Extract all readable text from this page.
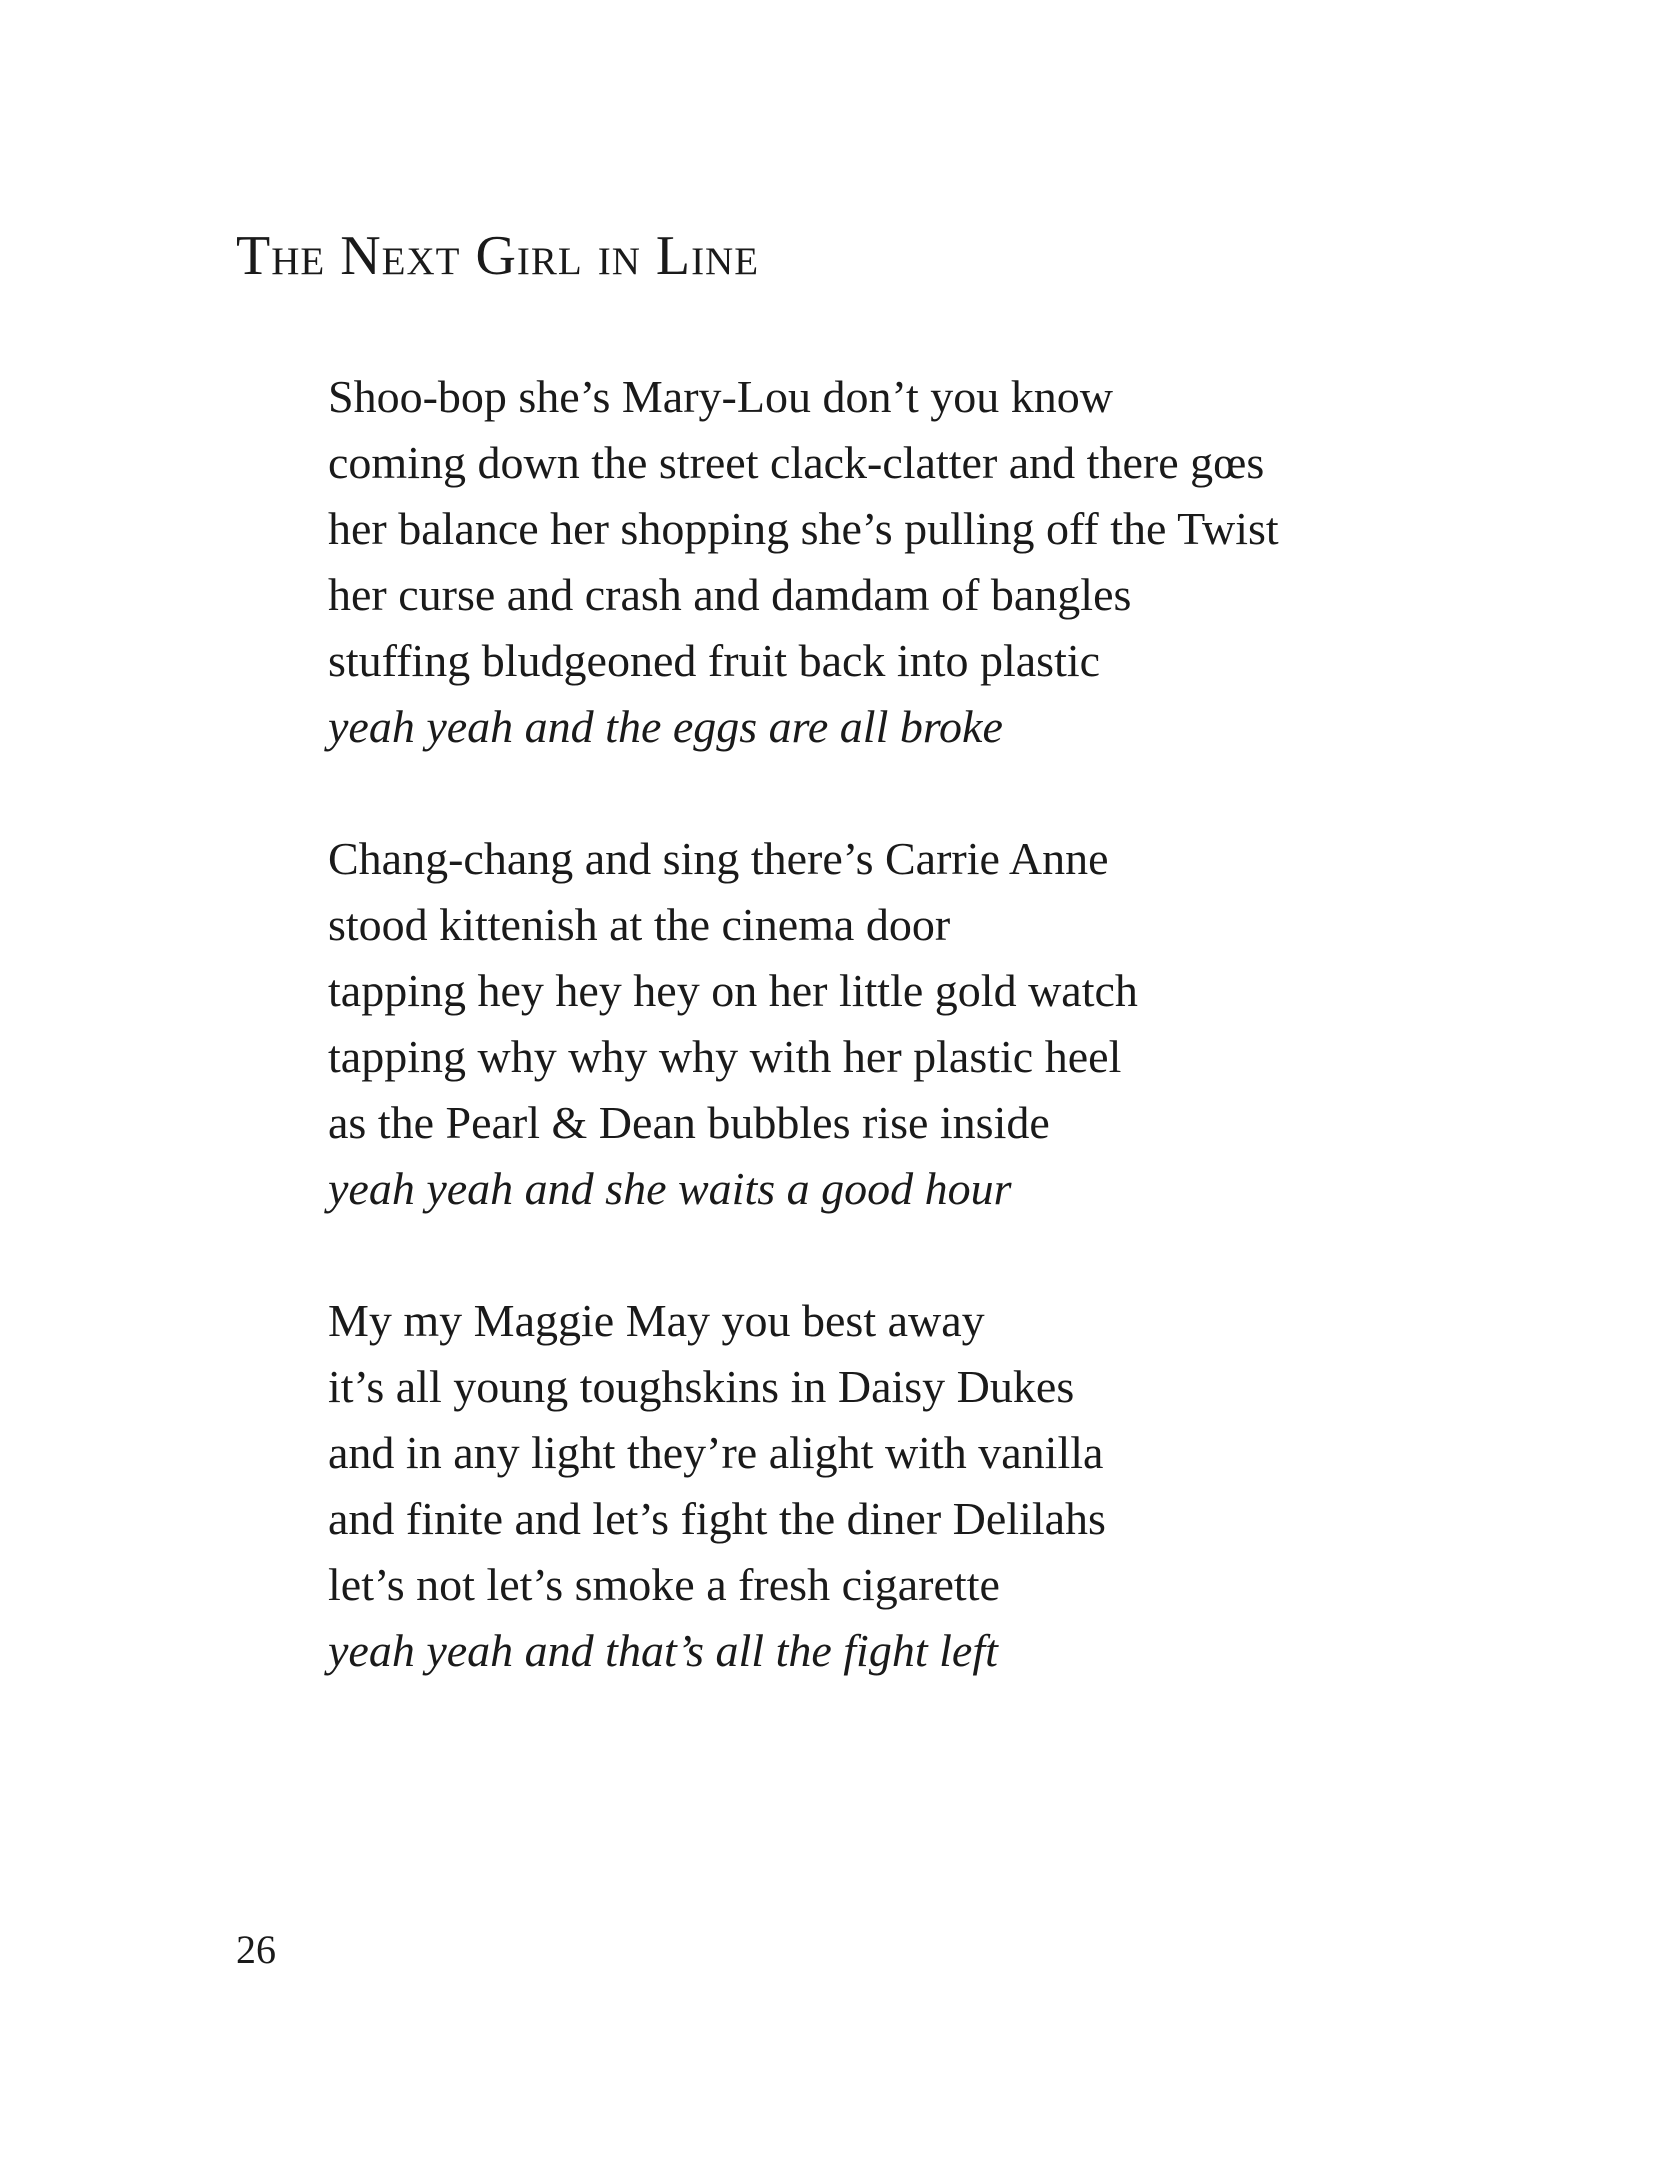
The Next Girl in Line
Shoo-bop she’s Mary-Lou don’t you know
coming down the street clack-clatter and there gœs
her balance her shopping she’s pulling off the Twist
her curse and crash and damdam of bangles
stuffing bludgeoned fruit back into plastic
yeah yeah and the eggs are all broke
Chang-chang and sing there’s Carrie Anne
stood kittenish at the cinema door
tapping hey hey hey on her little gold watch
tapping why why why with her plastic heel
as the Pearl & Dean bubbles rise inside
yeah yeah and she waits a good hour
My my Maggie May you best away
it’s all young toughskins in Daisy Dukes
and in any light they’re alight with vanilla
and finite and let’s fight the diner Delilahs
let’s not let’s smoke a fresh cigarette
yeah yeah and that’s all the fight left
26
